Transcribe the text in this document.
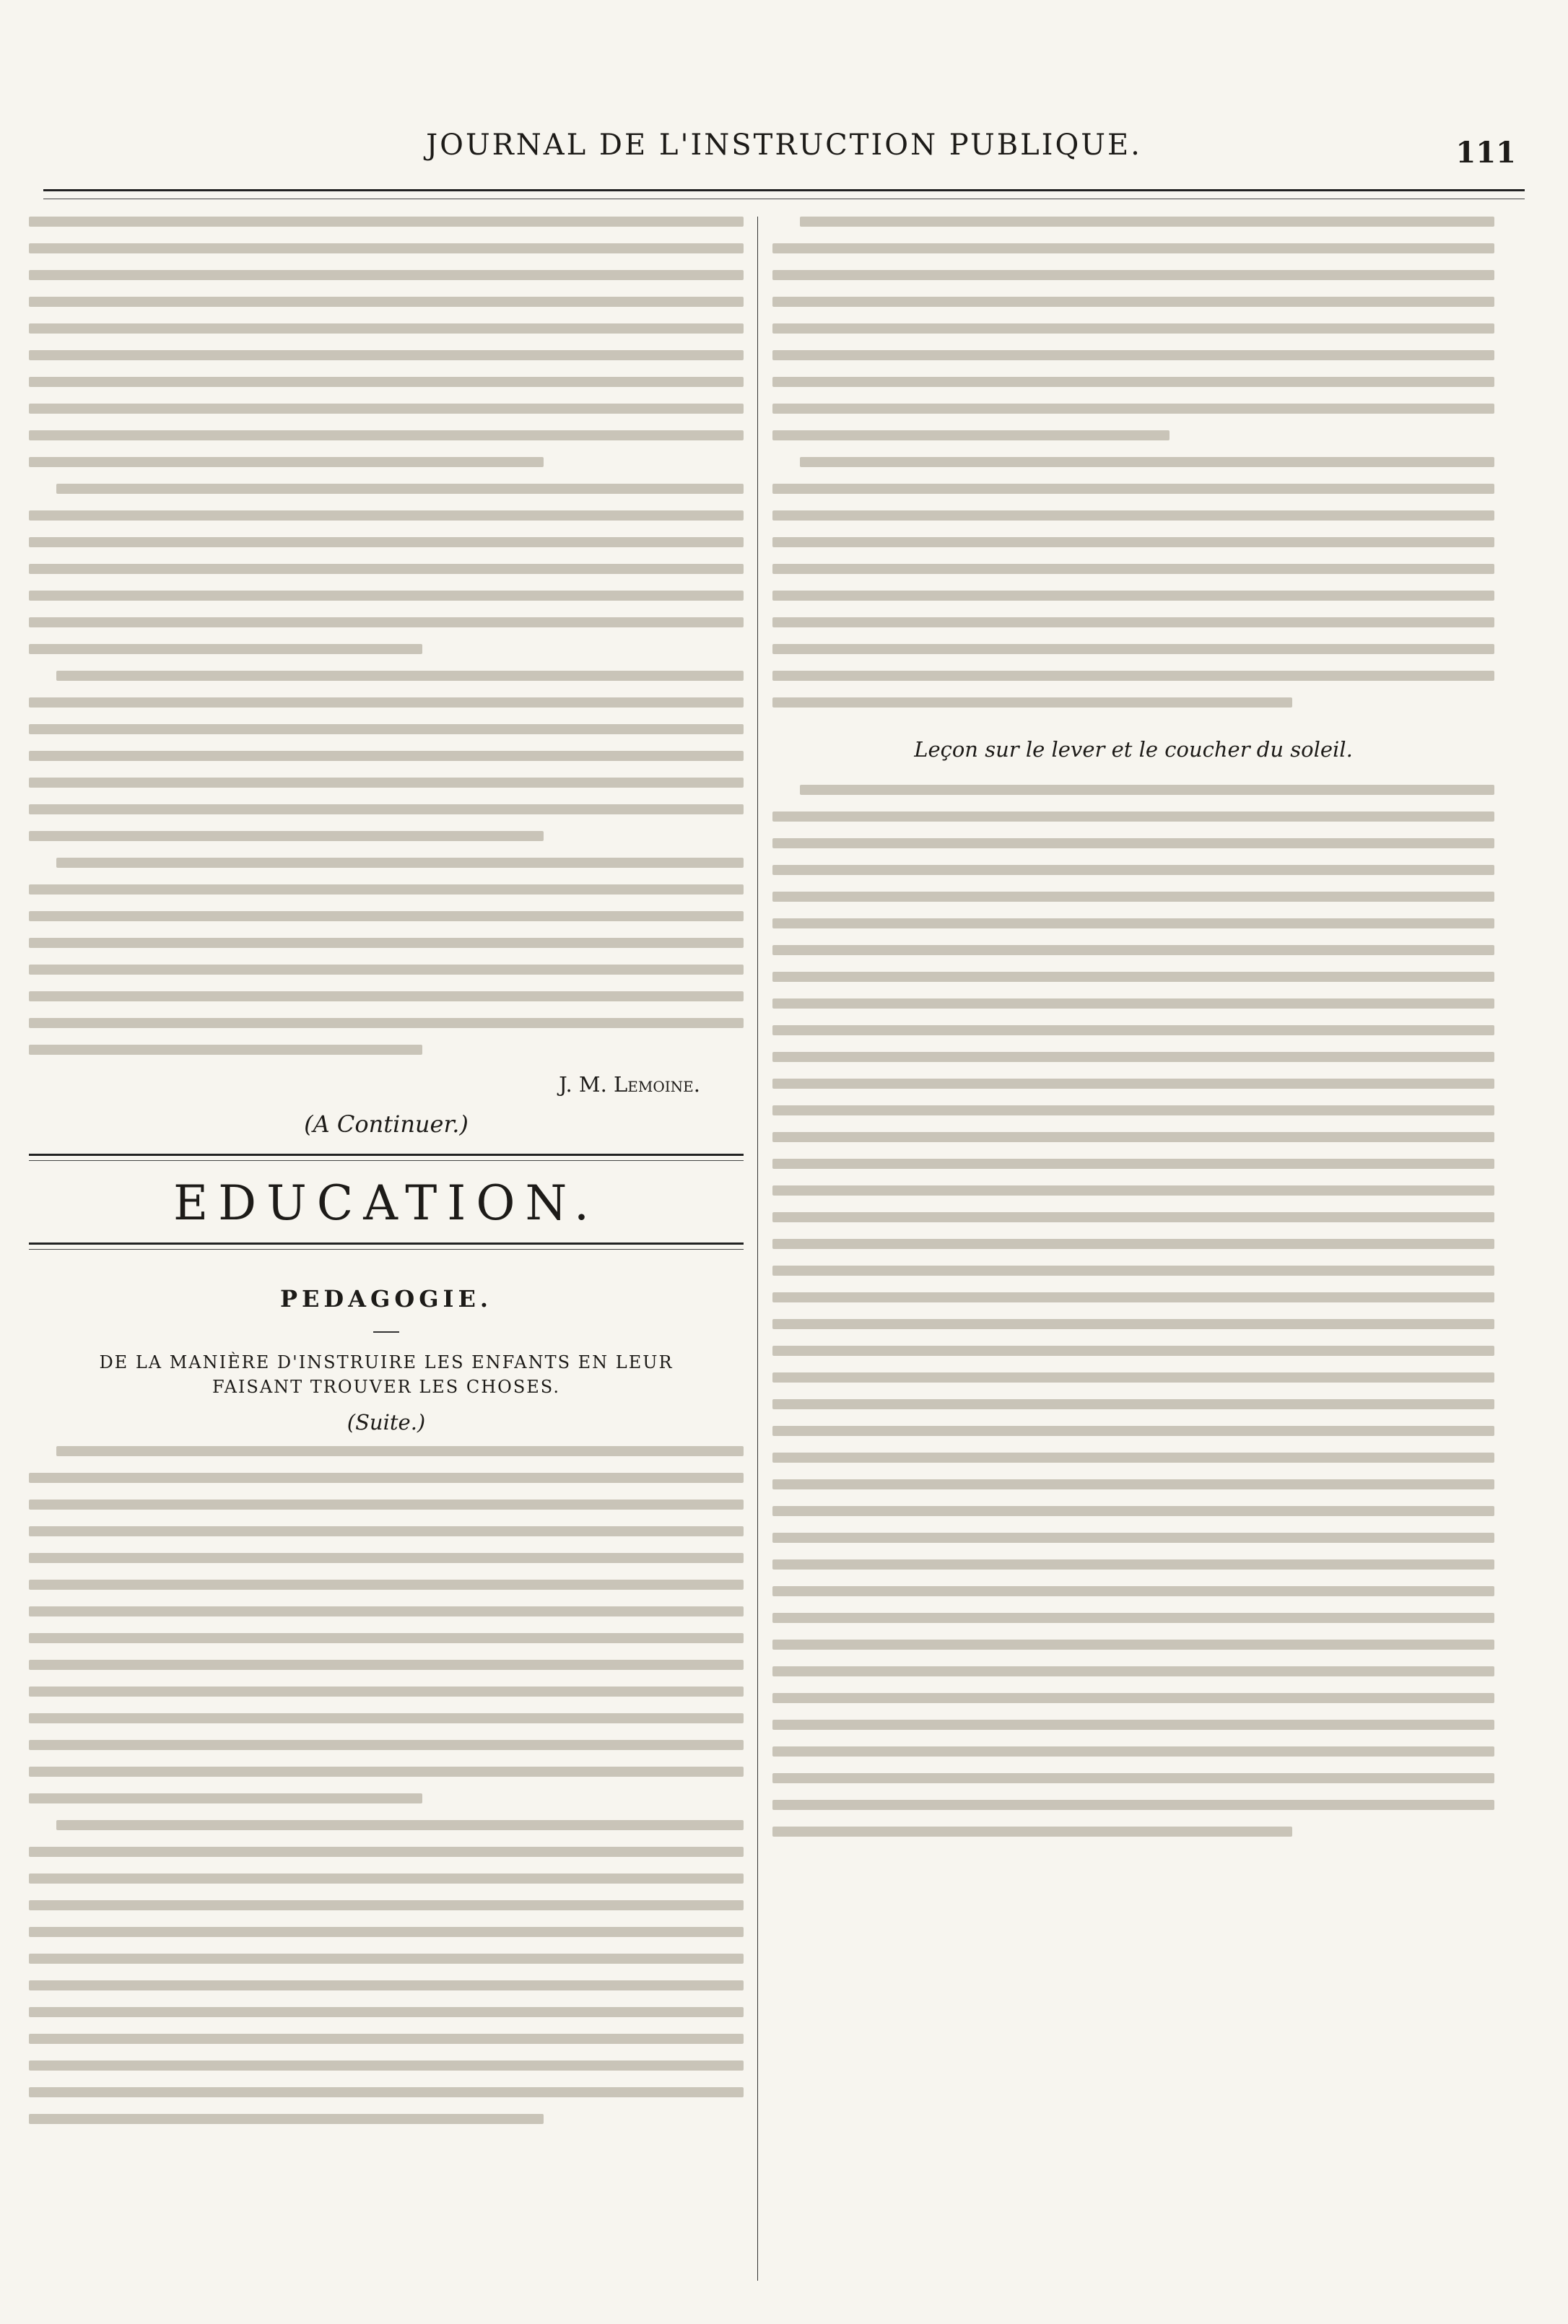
JOURNAL DE L'INSTRUCTION PUBLIQUE.	111
J. M. Lemoine.
(A Continuer.)
EDUCATION.
PEDAGOGIE.
DE LA MANIÈRE D'INSTRUIRE LES ENFANTS EN LEUR FAISANT TROUVER LES CHOSES.
(Suite.)
Leçon sur le lever et le coucher du soleil.
